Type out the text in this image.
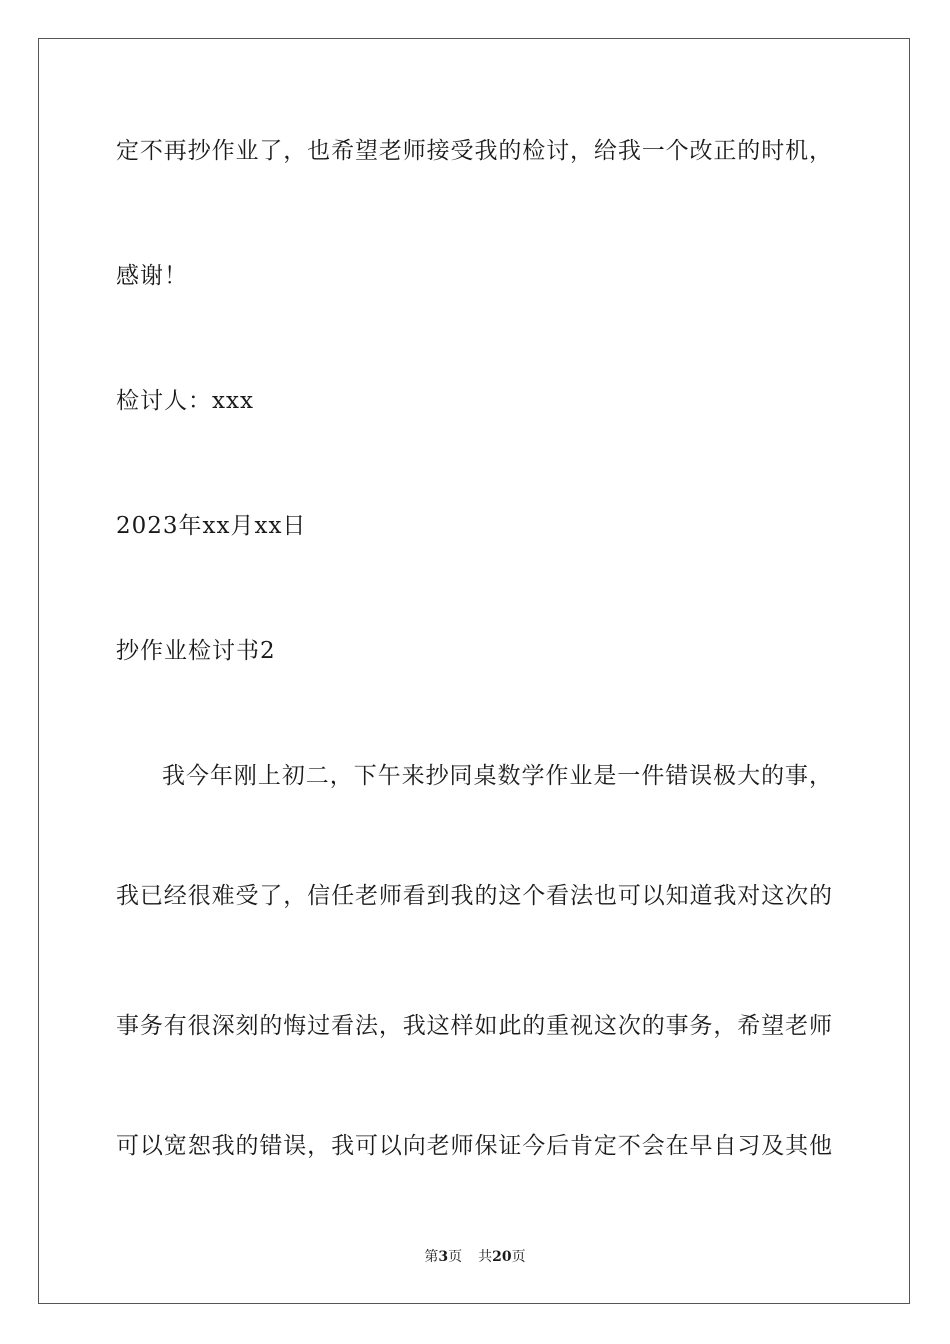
定不再抄作业了，也希望老师接受我的检讨，给我一个改正的时机，
感谢！
检讨人：xxx
2023年xx月xx日
抄作业检讨书2
我今年刚上初二，下午来抄同桌数学作业是一件错误极大的事，
我已经很难受了，信任老师看到我的这个看法也可以知道我对这次的
事务有很深刻的悔过看法，我这样如此的重视这次的事务，希望老师
可以宽恕我的错误，我可以向老师保证今后肯定不会在早自习及其他
第3页 共20页
